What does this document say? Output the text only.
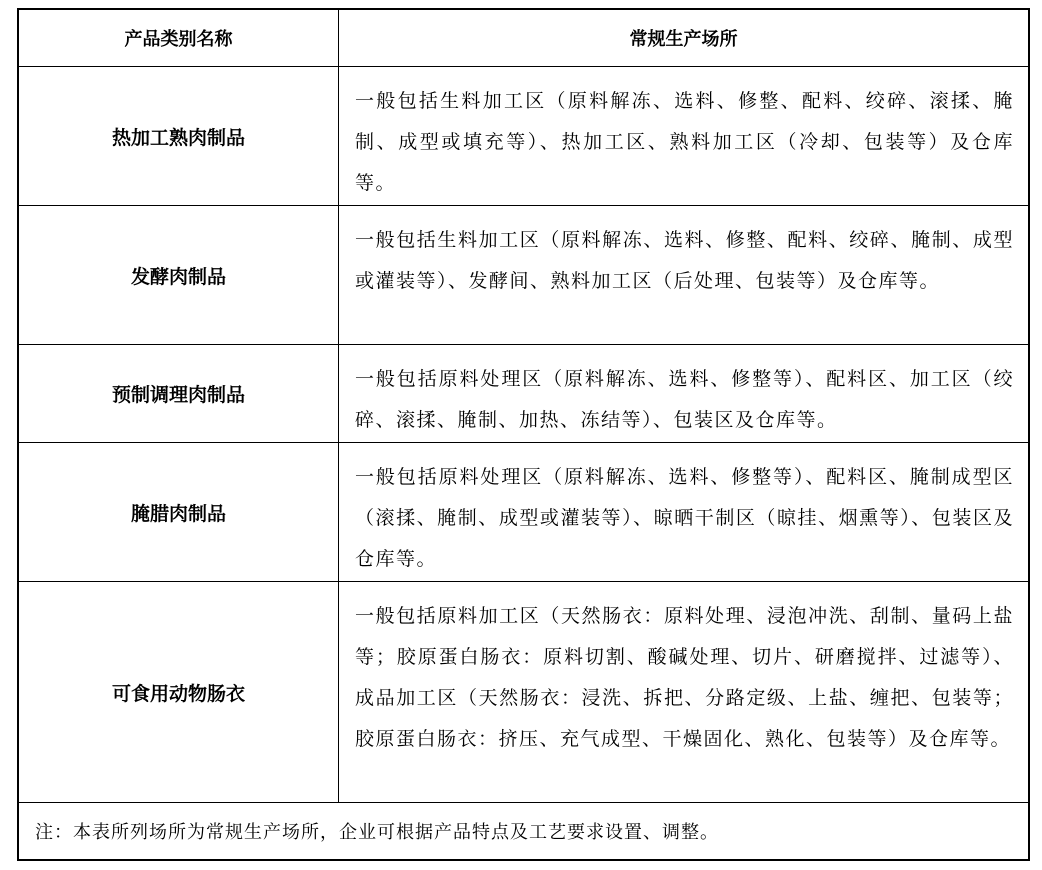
产品类别名称	常规生产场所
热加工熟肉制品
一般包括生料加工区（原料解冻、选料、修整、配料、绞碎、滚揉、腌制、成型或填充等）、热加工区、熟料加工区（冷却、包装等）及仓库等。
发酵肉制品
一般包括生料加工区（原料解冻、选料、修整、配料、绞碎、腌制、成型或灌装等）、发酵间、熟料加工区（后处理、包装等）及仓库等。
预制调理肉制品
一般包括原料处理区（原料解冻、选料、修整等）、配料区、加工区（绞碎、滚揉、腌制、加热、冻结等）、包装区及仓库等。
腌腊肉制品
一般包括原料处理区（原料解冻、选料、修整等）、配料区、腌制成型区（滚揉、腌制、成型或灌装等）、晾晒干制区（晾挂、烟熏等）、包装区及仓库等。
可食用动物肠衣
一般包括原料加工区（天然肠衣：原料处理、浸泡冲洗、刮制、量码上盐等；胶原蛋白肠衣：原料切割、酸碱处理、切片、研磨搅拌、过滤等）、成品加工区（天然肠衣：浸洗、拆把、分路定级、上盐、缠把、包装等；胶原蛋白肠衣：挤压、充气成型、干燥固化、熟化、包装等）及仓库等。
注：本表所列场所为常规生产场所，企业可根据产品特点及工艺要求设置、调整。
